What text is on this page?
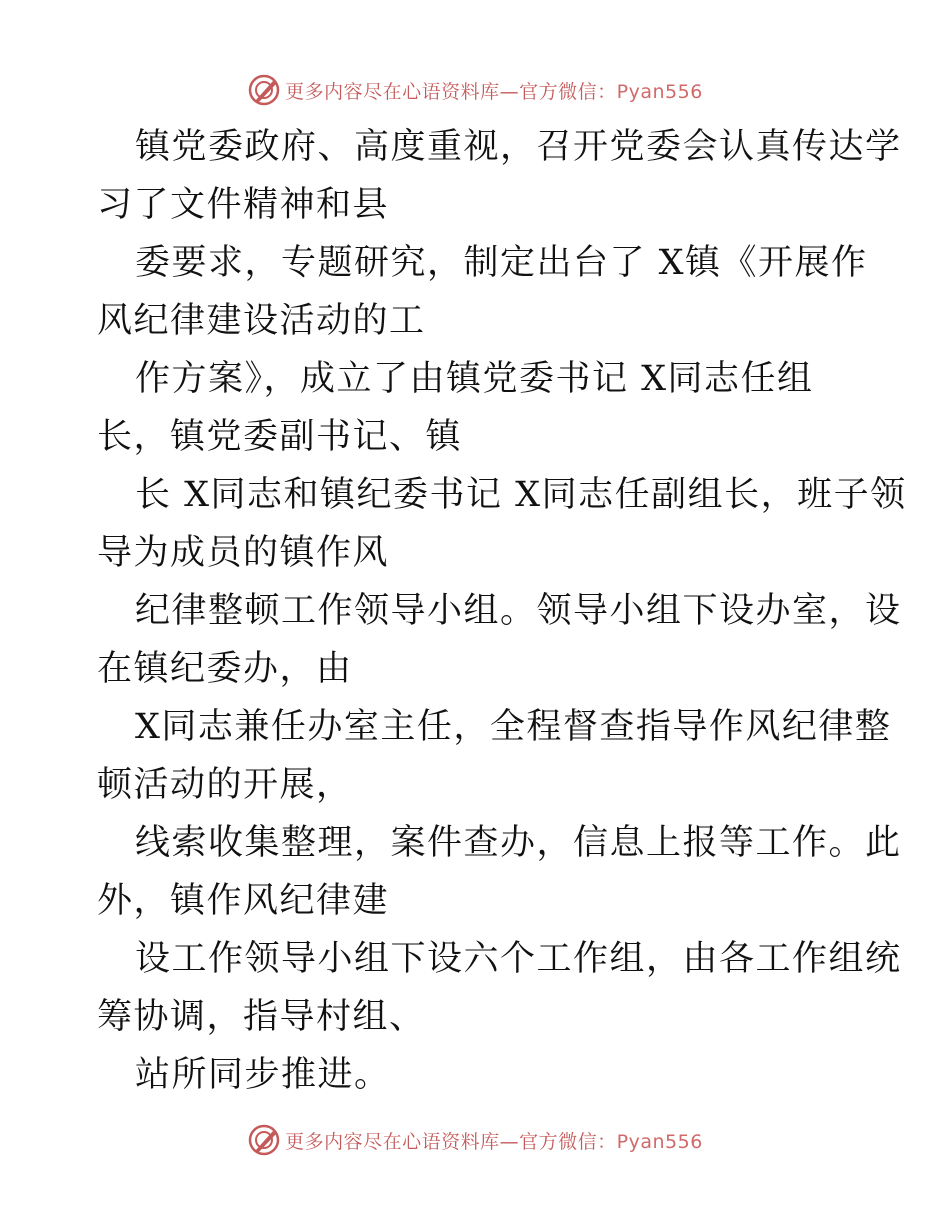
更多内容尽在心语资料库—官方微信：Pyan556
镇党委政府、高度重视，召开党委会认真传达学
习了文件精神和县
委要求，专题研究，制定出台了 X镇《开展作
风纪律建设活动的工
作方案》，成立了由镇党委书记 X同志任组
长，镇党委副书记、镇
长 X同志和镇纪委书记 X同志任副组长，班子领
导为成员的镇作风
纪律整顿工作领导小组。领导小组下设办室，设
在镇纪委办，由
X同志兼任办室主任，全程督查指导作风纪律整
顿活动的开展，
线索收集整理，案件查办，信息上报等工作。此
外，镇作风纪律建
设工作领导小组下设六个工作组，由各工作组统
筹协调，指导村组、
站所同步推进。
更多内容尽在心语资料库—官方微信：Pyan556
